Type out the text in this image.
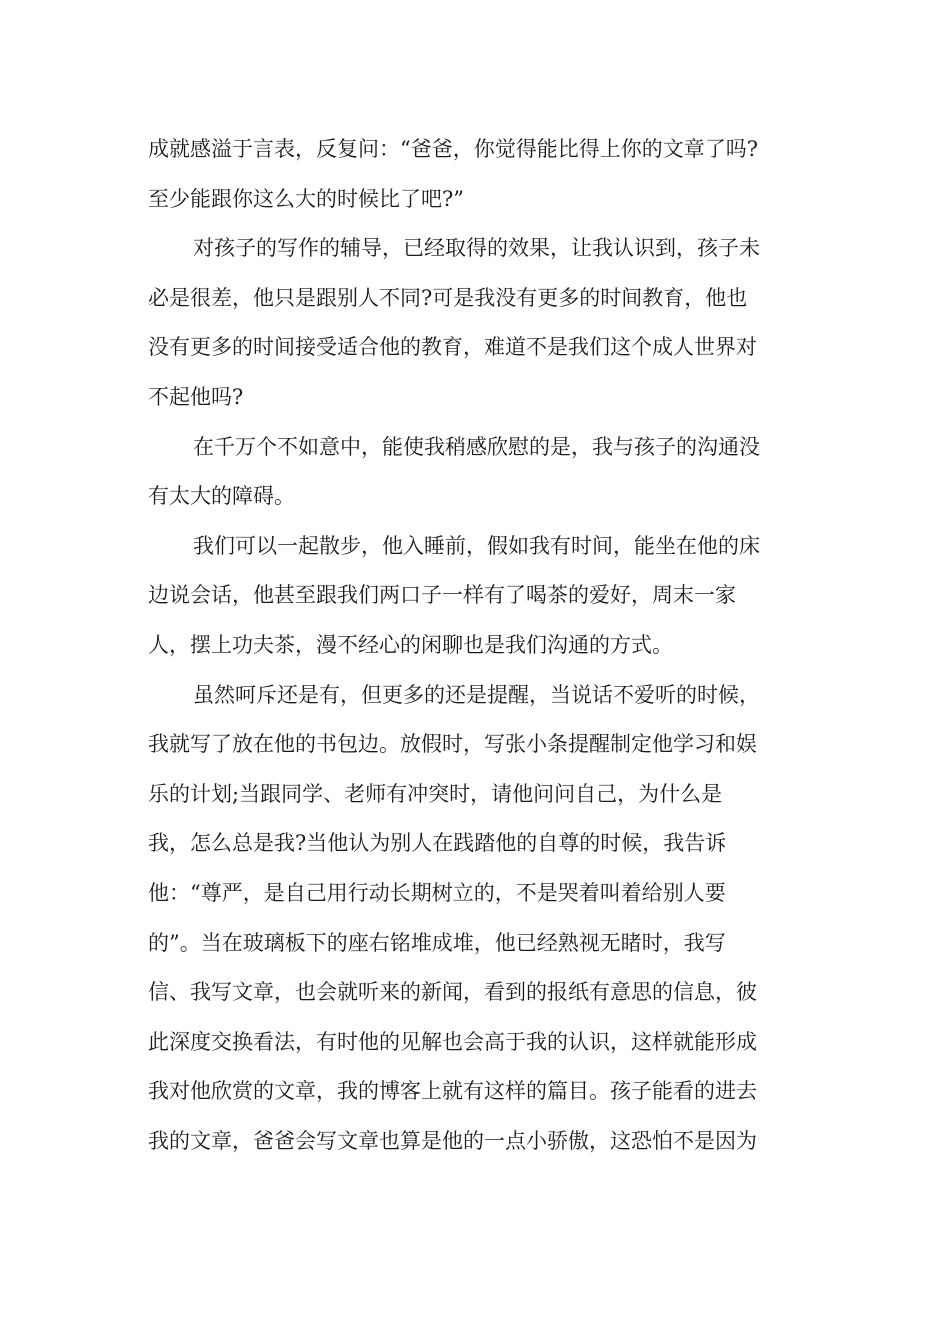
成就感溢于言表，反复问：“爸爸，你觉得能比得上你的文章了吗?
至少能跟你这么大的时候比了吧?”
对孩子的写作的辅导，已经取得的效果，让我认识到，孩子未
必是很差，他只是跟别人不同?可是我没有更多的时间教育，他也
没有更多的时间接受适合他的教育，难道不是我们这个成人世界对
不起他吗?
在千万个不如意中，能使我稍感欣慰的是，我与孩子的沟通没
有太大的障碍。
我们可以一起散步，他入睡前，假如我有时间，能坐在他的床
边说会话，他甚至跟我们两口子一样有了喝茶的爱好，周末一家
人，摆上功夫茶，漫不经心的闲聊也是我们沟通的方式。
虽然呵斥还是有，但更多的还是提醒，当说话不爱听的时候，
我就写了放在他的书包边。放假时，写张小条提醒制定他学习和娱
乐的计划;当跟同学、老师有冲突时，请他问问自己，为什么是
我，怎么总是我?当他认为别人在践踏他的自尊的时候，我告诉
他：“尊严，是自己用行动长期树立的，不是哭着叫着给别人要
的”。当在玻璃板下的座右铭堆成堆，他已经熟视无睹时，我写
信、我写文章，也会就听来的新闻，看到的报纸有意思的信息，彼
此深度交换看法，有时他的见解也会高于我的认识，这样就能形成
我对他欣赏的文章，我的博客上就有这样的篇目。孩子能看的进去
我的文章，爸爸会写文章也算是他的一点小骄傲，这恐怕不是因为
